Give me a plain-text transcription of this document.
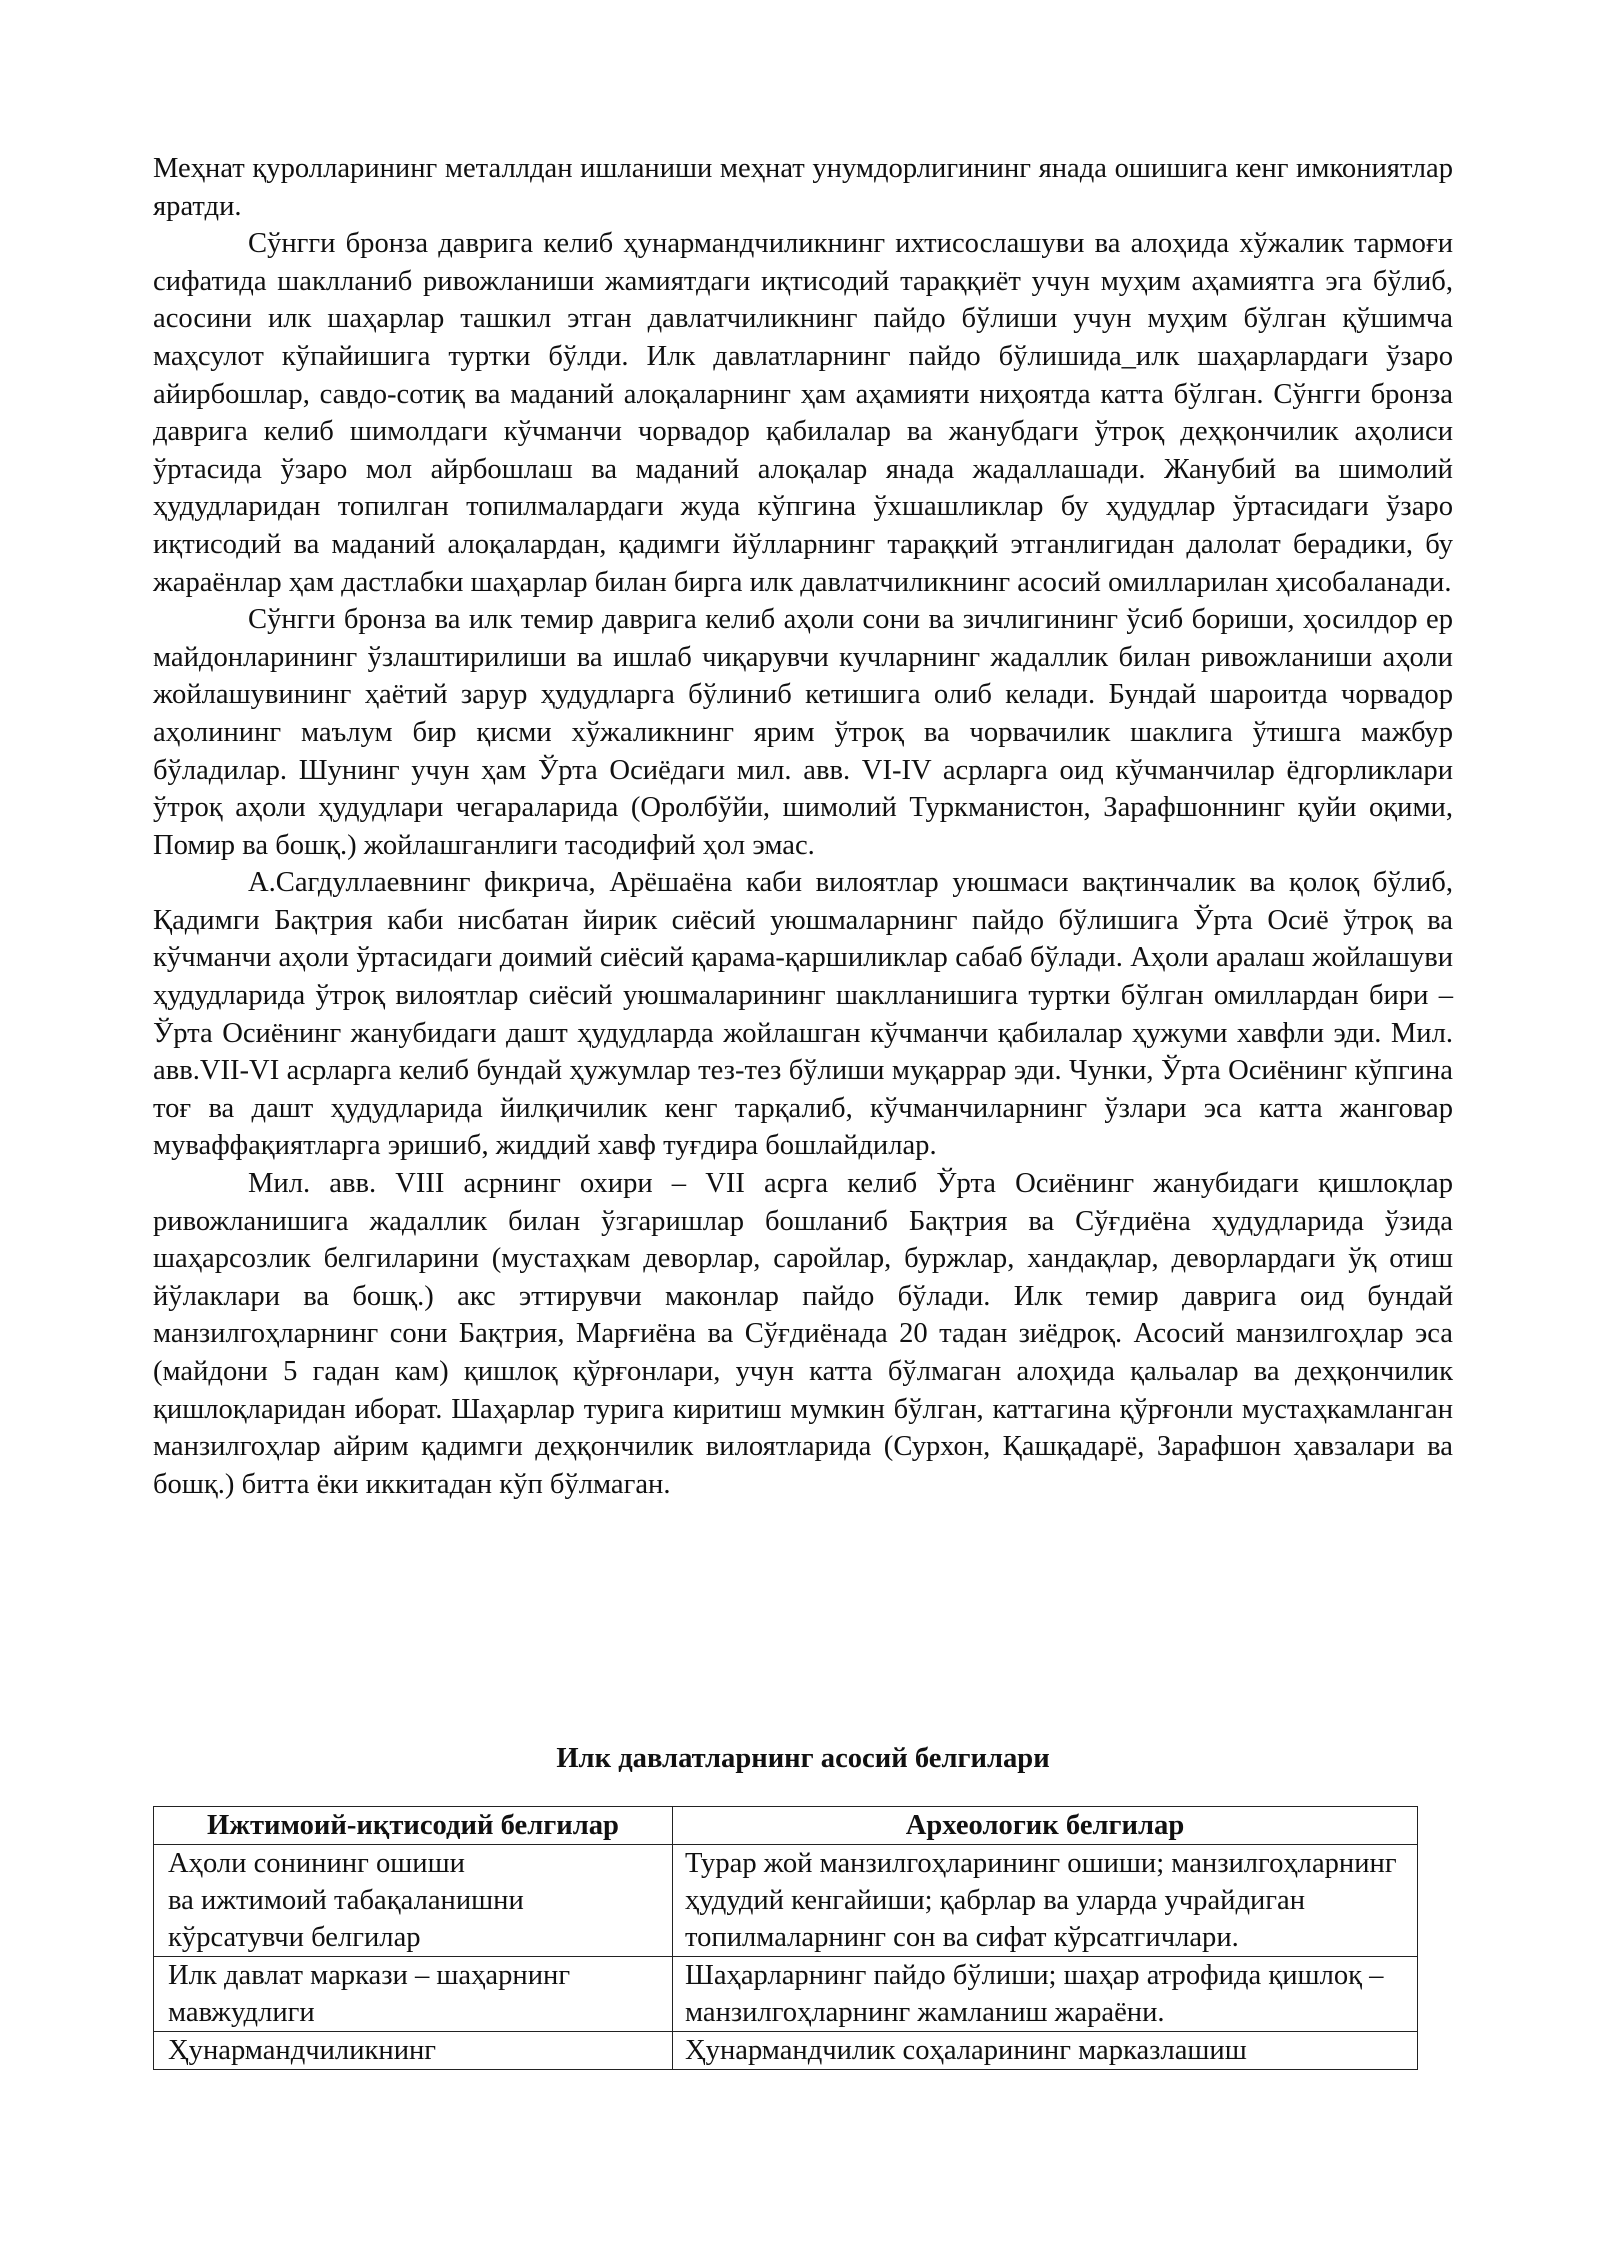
Меҳнат қуролларининг металлдан ишланиши меҳнат унумдорлигининг янада ошишига кенг имкониятлар яратди.

Сўнгги бронза даврига келиб ҳунармандчиликнинг ихтисослашуви ва алоҳида хўжалик тармоғи сифатида шаклланиб ривожланиши жамиятдаги иқтисодий тараққиёт учун муҳим аҳамиятга эга бўлиб, асосини илк шаҳарлар ташкил этган давлатчиликнинг пайдо бўлиши учун муҳим бўлган қўшимча маҳсулот кўпайишига туртки бўлди. Илк давлатларнинг пайдо бўлишида_илк шаҳарлардаги ўзаро айирбошлар, савдо-сотиқ ва маданий алоқаларнинг ҳам аҳамияти ниҳоятда катта бўлган. Сўнгги бронза даврига келиб шимолдаги кўчманчи чорвадор қабилалар ва жанубдаги ўтроқ деҳқончилик аҳолиси ўртасида ўзаро мол айрбошлаш ва маданий алоқалар янада жадаллашади. Жанубий ва шимолий ҳудудларидан топилган топилмалардаги жуда кўпгина ўхшашликлар бу ҳудудлар ўртасидаги ўзаро иқтисодий ва маданий алоқалардан, қадимги йўлларнинг тараққий этганлигидан далолат берадики, бу жараёнлар ҳам дастлабки шаҳарлар билан бирга илк давлатчиликнинг асосий омилларилан ҳисобаланади.

Сўнгги бронза ва илк темир даврига келиб аҳоли сони ва зичлигининг ўсиб бориши, ҳосилдор ер майдонларининг ўзлаштирилиши ва ишлаб чиқарувчи кучларнинг жадаллик билан ривожланиши аҳоли жойлашувининг ҳаётий зарур ҳудудларга бўлиниб кетишига олиб келади. Бундай шароитда чорвадор аҳолининг маълум бир қисми хўжаликнинг ярим ўтроқ ва чорвачилик шаклига ўтишга мажбур бўладилар. Шунинг учун ҳам Ўрта Осиёдаги мил. авв. VI-IV асрларга оид кўчманчилар ёдгорликлари ўтроқ аҳоли ҳудудлари чегараларида (Оролбўйи, шимолий Туркманистон, Зарафшоннинг қуйи оқими, Помир ва бошқ.) жойлашганлиги тасодифий ҳол эмас.

А.Сагдуллаевнинг фикрича, Арёшаёна каби вилоятлар уюшмаси вақтинчалик ва қолоқ бўлиб, Қадимги Бақтрия каби нисбатан йирик сиёсий уюшмаларнинг пайдо бўлишига Ўрта Осиё ўтроқ ва кўчманчи аҳоли ўртасидаги доимий сиёсий қарама-қаршиликлар сабаб бўлади. Аҳоли аралаш жойлашуви ҳудудларида ўтроқ вилоятлар сиёсий уюшмаларининг шаклланишига туртки бўлган омиллардан бири – Ўрта Осиёнинг жанубидаги дашт ҳудудларда жойлашган кўчманчи қабилалар ҳужуми хавфли эди. Мил. авв.VII-VI асрларга келиб бундай ҳужумлар тез-тез бўлиши муқаррар эди. Чунки, Ўрта Осиёнинг кўпгина тоғ ва дашт ҳудудларида йилқичилик кенг тарқалиб, кўчманчиларнинг ўзлари эса катта жанговар муваффақиятларга эришиб, жиддий хавф туғдира бошлайдилар.

Мил. авв. VIII асрнинг охири – VII асрга келиб Ўрта Осиёнинг жанубидаги қишлоқлар ривожланишига жадаллик билан ўзгаришлар бошланиб Бақтрия ва Сўғдиёна ҳудудларида ўзида шаҳарсозлик белгиларини (мустаҳкам деворлар, саройлар, буржлар, хандақлар, деворлардаги ўқ отиш йўлаклари ва бошқ.) акс эттирувчи маконлар пайдо бўлади. Илк темир даврига оид бундай манзилгоҳларнинг сони Бақтрия, Марғиёна ва Сўғдиёнада 20 тадан зиёдроқ. Асосий манзилгоҳлар эса (майдони 5 гадан кам) қишлоқ қўрғонлари, учун катта бўлмаган алоҳида қальалар ва деҳқончилик қишлоқларидан иборат. Шаҳарлар турига киритиш мумкин бўлган, каттагина қўрғонли мустаҳкамланган манзилгоҳлар айрим қадимги деҳқончилик вилоятларида (Сурхон, Қашқадарё, Зарафшон ҳавзалари ва бошқ.) битта ёки иккитадан кўп бўлмаган.

Илк давлатларнинг асосий белгилари
Ижтимоий-иқтисодий белгилар	Археологик белгилар

Аҳоли сонининг ошиши
ва ижтимоий табақаланишни
кўрсатувчи белгилар	Турар жой манзилгоҳларининг ошиши; манзилгоҳларнинг ҳудудий кенгайиши; қабрлар ва уларда учрайдиган топилмаларнинг сон ва сифат кўрсатгичлари.

Илк давлат маркази – шаҳарнинг мавжудлиги	Шаҳарларнинг пайдо бўлиши; шаҳар атрофида қишлоқ – манзилгоҳларнинг жамланиш жараёни.

Ҳунармандчиликнинг	Ҳунармандчилик соҳаларининг марказлашиш
